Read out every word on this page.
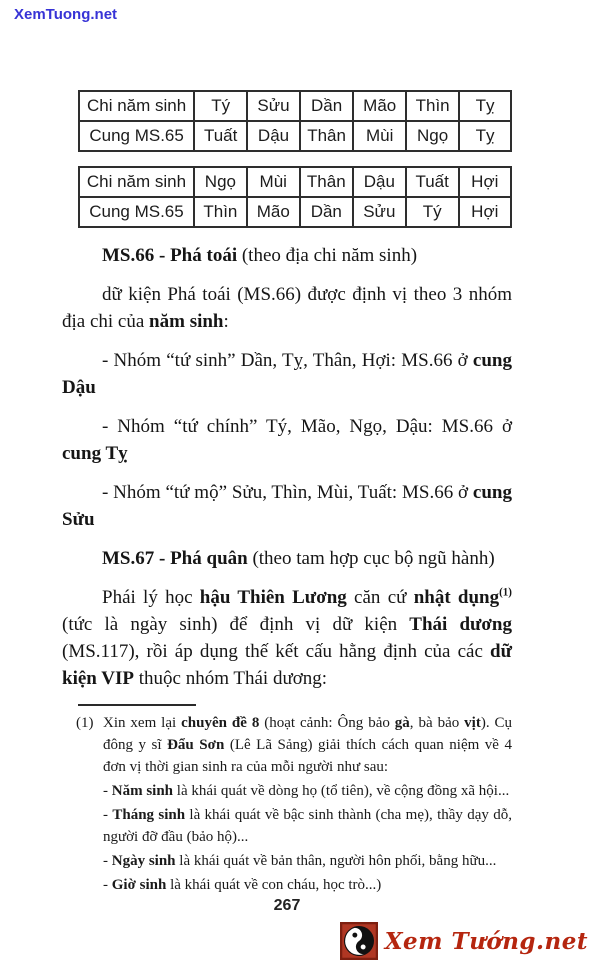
XemTuong.net
Chi năm sinh	Tý	Sửu	Dần	Mão	Thìn	Tỵ
Cung MS.65	Tuất	Dậu	Thân	Mùi	Ngọ	Tỵ
Chi năm sinh	Ngọ	Mùi	Thân	Dậu	Tuất	Hợi
Cung MS.65	Thìn	Mão	Dần	Sửu	Tý	Hợi

MS.66 - Phá toái (theo địa chi năm sinh)

dữ kiện Phá toái (MS.66) được định vị theo 3 nhóm địa chi của năm sinh:

- Nhóm “tứ sinh” Dần, Tỵ, Thân, Hợi: MS.66 ở cung Dậu

- Nhóm “tứ chính” Tý, Mão, Ngọ, Dậu: MS.66 ở cung Tỵ

- Nhóm “tứ mộ” Sửu, Thìn, Mùi, Tuất: MS.66 ở cung Sửu

MS.67 - Phá quân (theo tam hợp cục bộ ngũ hành)

Phái lý học hậu Thiên Lương căn cứ nhật dụng$^{(1)}$ (tức là ngày sinh) để định vị dữ kiện Thái dương (MS.117), rồi áp dụng thế kết cấu hằng định của các dữ kiện VIP thuộc nhóm Thái dương:

(1) Xin xem lại chuyên đề 8 (hoạt cảnh: Ông bảo gà, bà bảo vịt). Cụ đông y sĩ Đẩu Sơn (Lê Lã Sảng) giải thích cách quan niệm về 4 đơn vị thời gian sinh ra của mỗi người như sau:

- Năm sinh là khái quát về dòng họ (tổ tiên), về cộng đồng xã hội...

- Tháng sinh là khái quát về bậc sinh thành (cha mẹ), thầy dạy dỗ, người đỡ đầu (bảo hộ)...

- Ngày sinh là khái quát về bản thân, người hôn phối, bằng hữu...

- Giờ sinh là khái quát về con cháu, học trò...)

267
Xem Tướng.net
